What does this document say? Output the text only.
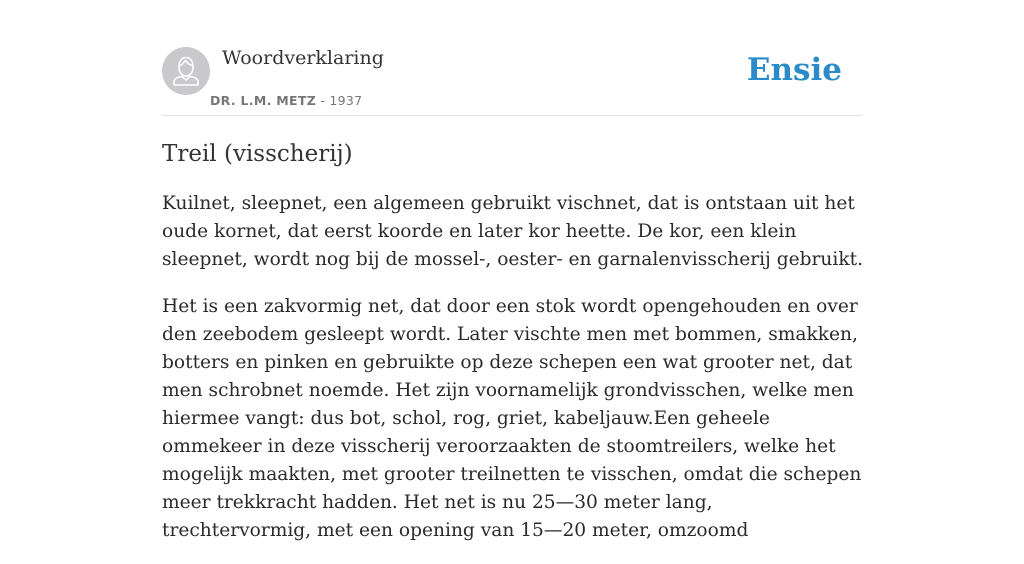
Woordverklaring
DR. L.M. METZ - 1937
Ensie
Treil (visscherij)

Kuilnet, sleepnet, een algemeen gebruikt vischnet, dat is ontstaan uit het oude kornet, dat eerst koorde en later kor heette. De kor, een klein sleepnet, wordt nog bij de mossel-, oester- en garnalenvisscherij gebruikt.

Het is een zakvormig net, dat door een stok wordt opengehouden en over den zeebodem gesleept wordt. Later vischte men met bommen, smakken, botters en pinken en gebruikte op deze schepen een wat grooter net, dat men schrobnet noemde. Het zijn voornamelijk grondvisschen, welke men hiermee vangt: dus bot, schol, rog, griet, kabeljauw.Een geheele ommekeer in deze visscherij veroorzaakten de stoomtreilers, welke het mogelijk maakten, met grooter treilnetten te visschen, omdat die schepen meer trekkracht hadden. Het net is nu 25—30 meter lang, trechtervormig, met een opening van 15—20 meter, omzoomd
